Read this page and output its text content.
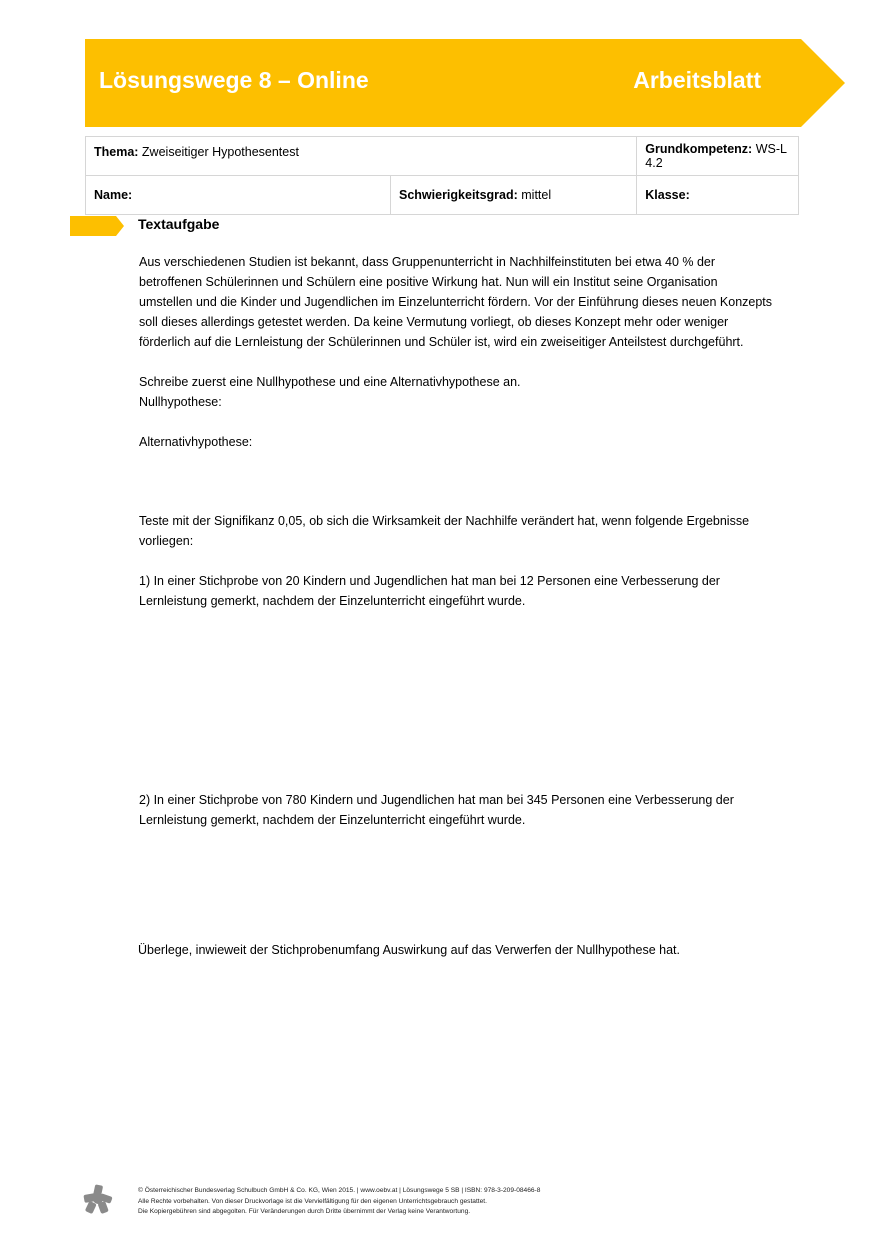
Lösungswege 8 – Online	Arbeitsblatt
Thema: Zweiseitiger Hypothesentest		Grundkompetenz: WS-L 4.2
Name:	Schwierigkeitsgrad: mittel	Klasse:
Textaufgabe
Aus verschiedenen Studien ist bekannt, dass Gruppenunterricht in Nachhilfeinstituten bei etwa 40 % der
betroffenen Schülerinnen und Schülern eine positive Wirkung hat. Nun will ein Institut seine Organisation
umstellen und die Kinder und Jugendlichen im Einzelunterricht fördern. Vor der Einführung dieses neuen Konzepts
soll dieses allerdings getestet werden. Da keine Vermutung vorliegt, ob dieses Konzept mehr oder weniger
förderlich auf die Lernleistung der Schülerinnen und Schüler ist, wird ein zweiseitiger Anteilstest durchgeführt.
Schreibe zuerst eine Nullhypothese und eine Alternativhypothese an.
Nullhypothese:
Alternativhypothese:
Teste mit der Signifikanz 0,05, ob sich die Wirksamkeit der Nachhilfe verändert hat, wenn folgende Ergebnisse
vorliegen:
1) In einer Stichprobe von 20 Kindern und Jugendlichen hat man bei 12 Personen eine Verbesserung der
Lernleistung gemerkt, nachdem der Einzelunterricht eingeführt wurde.
2) In einer Stichprobe von 780 Kindern und Jugendlichen hat man bei 345 Personen eine Verbesserung der
Lernleistung gemerkt, nachdem der Einzelunterricht eingeführt wurde.
Überlege, inwieweit der Stichprobenumfang Auswirkung auf das Verwerfen der Nullhypothese hat.
© Österreichischer Bundesverlag Schulbuch GmbH & Co. KG, Wien 2015. | www.oebv.at | Lösungswege 5 SB | ISBN: 978-3-209-08466-8
Alle Rechte vorbehalten. Von dieser Druckvorlage ist die Vervielfältigung für den eigenen Unterrichtsgebrauch gestattet.
Die Kopiergebühren sind abgegolten. Für Veränderungen durch Dritte übernimmt der Verlag keine Verantwortung.
